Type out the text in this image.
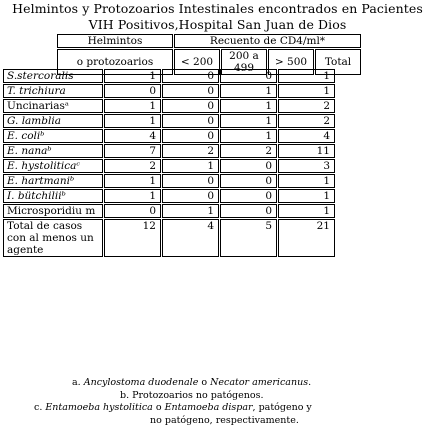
Helmintos y Protozoarios Intestinales encontrados en Pacientes
VIH Positivos,Hospital San Juan de Dios
Helmintos	Recuento de CD4/ml*			
o protozoarios	< 200	200 a 499	> 500	Total
S.stercoralis	1	0	0	1
T. trichiura	0	0	1	1
Uncinariasᵃ	1	0	1	2
G. lamblia	1	0	1	2
E. coliᵇ	4	0	1	4
E. nanaᵇ	7	2	2	11
E. hystoliticaᶜ	2	1	0	3
E. hartmaniᵇ	1	0	0	1
I. bütchiliiᵇ	1	0	0	1
Microsporidiu m	0	1	0	1
Total de casos con al menos un agente	12	4	5	21
a. Ancylostoma duodenale o Necator americanus.
b. Protozoarios no patógenos.
c. Entamoeba hystolitica o Entamoeba dispar, patógeno y
no patógeno, respectivamente.
